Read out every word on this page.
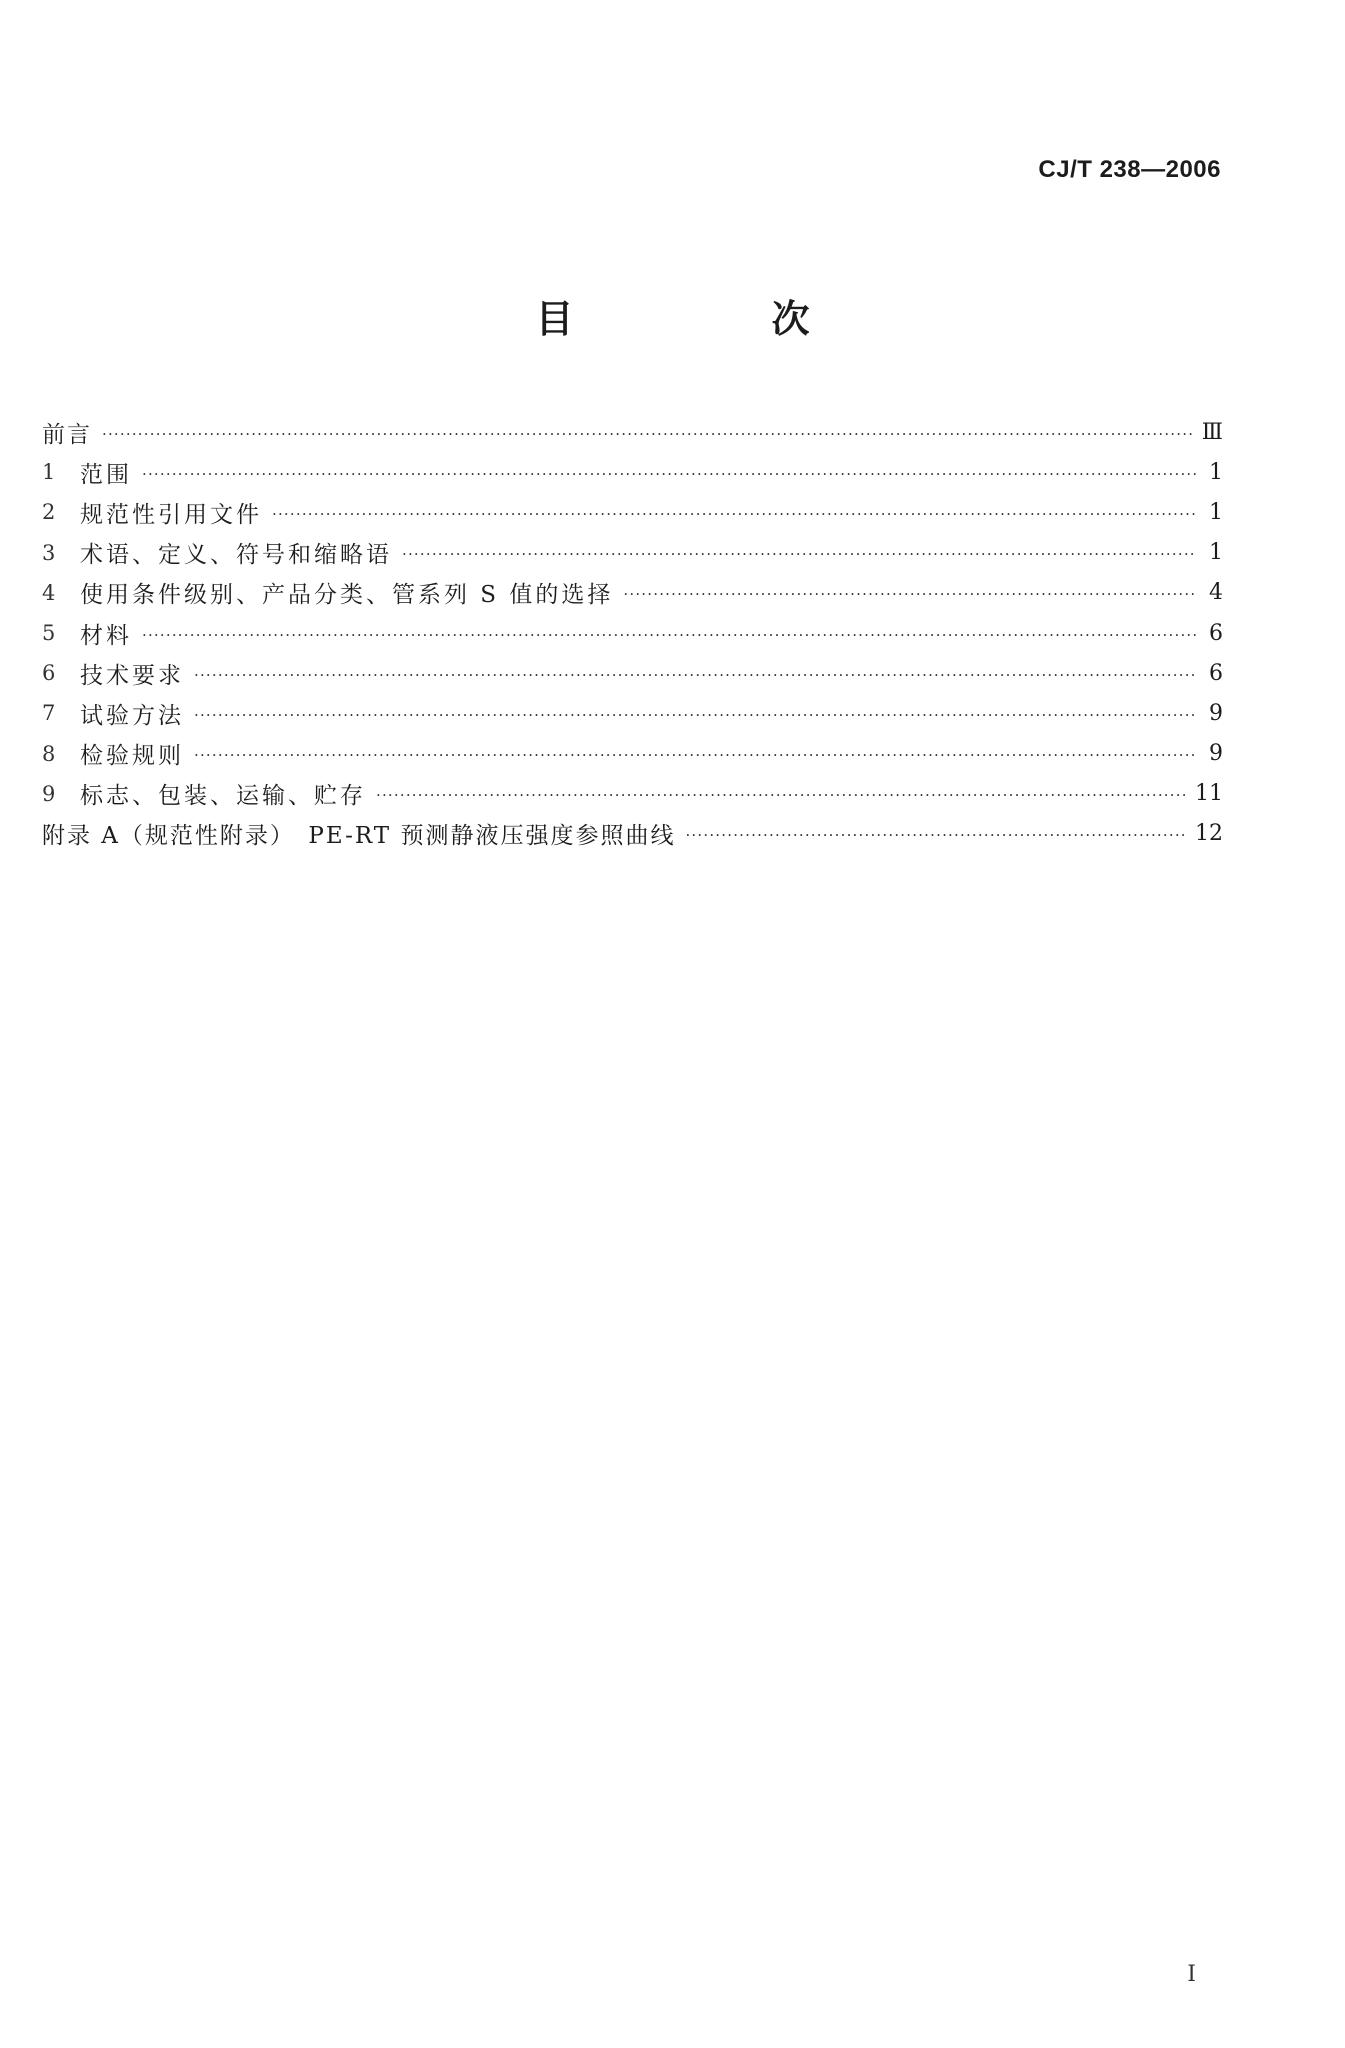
CJ/T 238—2006
目　次
前言 ·····	Ⅲ
1	范围 ·····	1
2	规范性引用文件 ·····	1
3	术语、定义、符号和缩略语 ·····	1
4	使用条件级别、产品分类、管系列 S 值的选择 ·····	4
5	材料 ·····	6
6	技术要求 ·····	6
7	试验方法 ·····	9
8	检验规则 ·····	9
9	标志、包装、运输、贮存 ·····	11
附录 A（规范性附录）　PE-RT 预测静液压强度参照曲线 ·····	12
I
